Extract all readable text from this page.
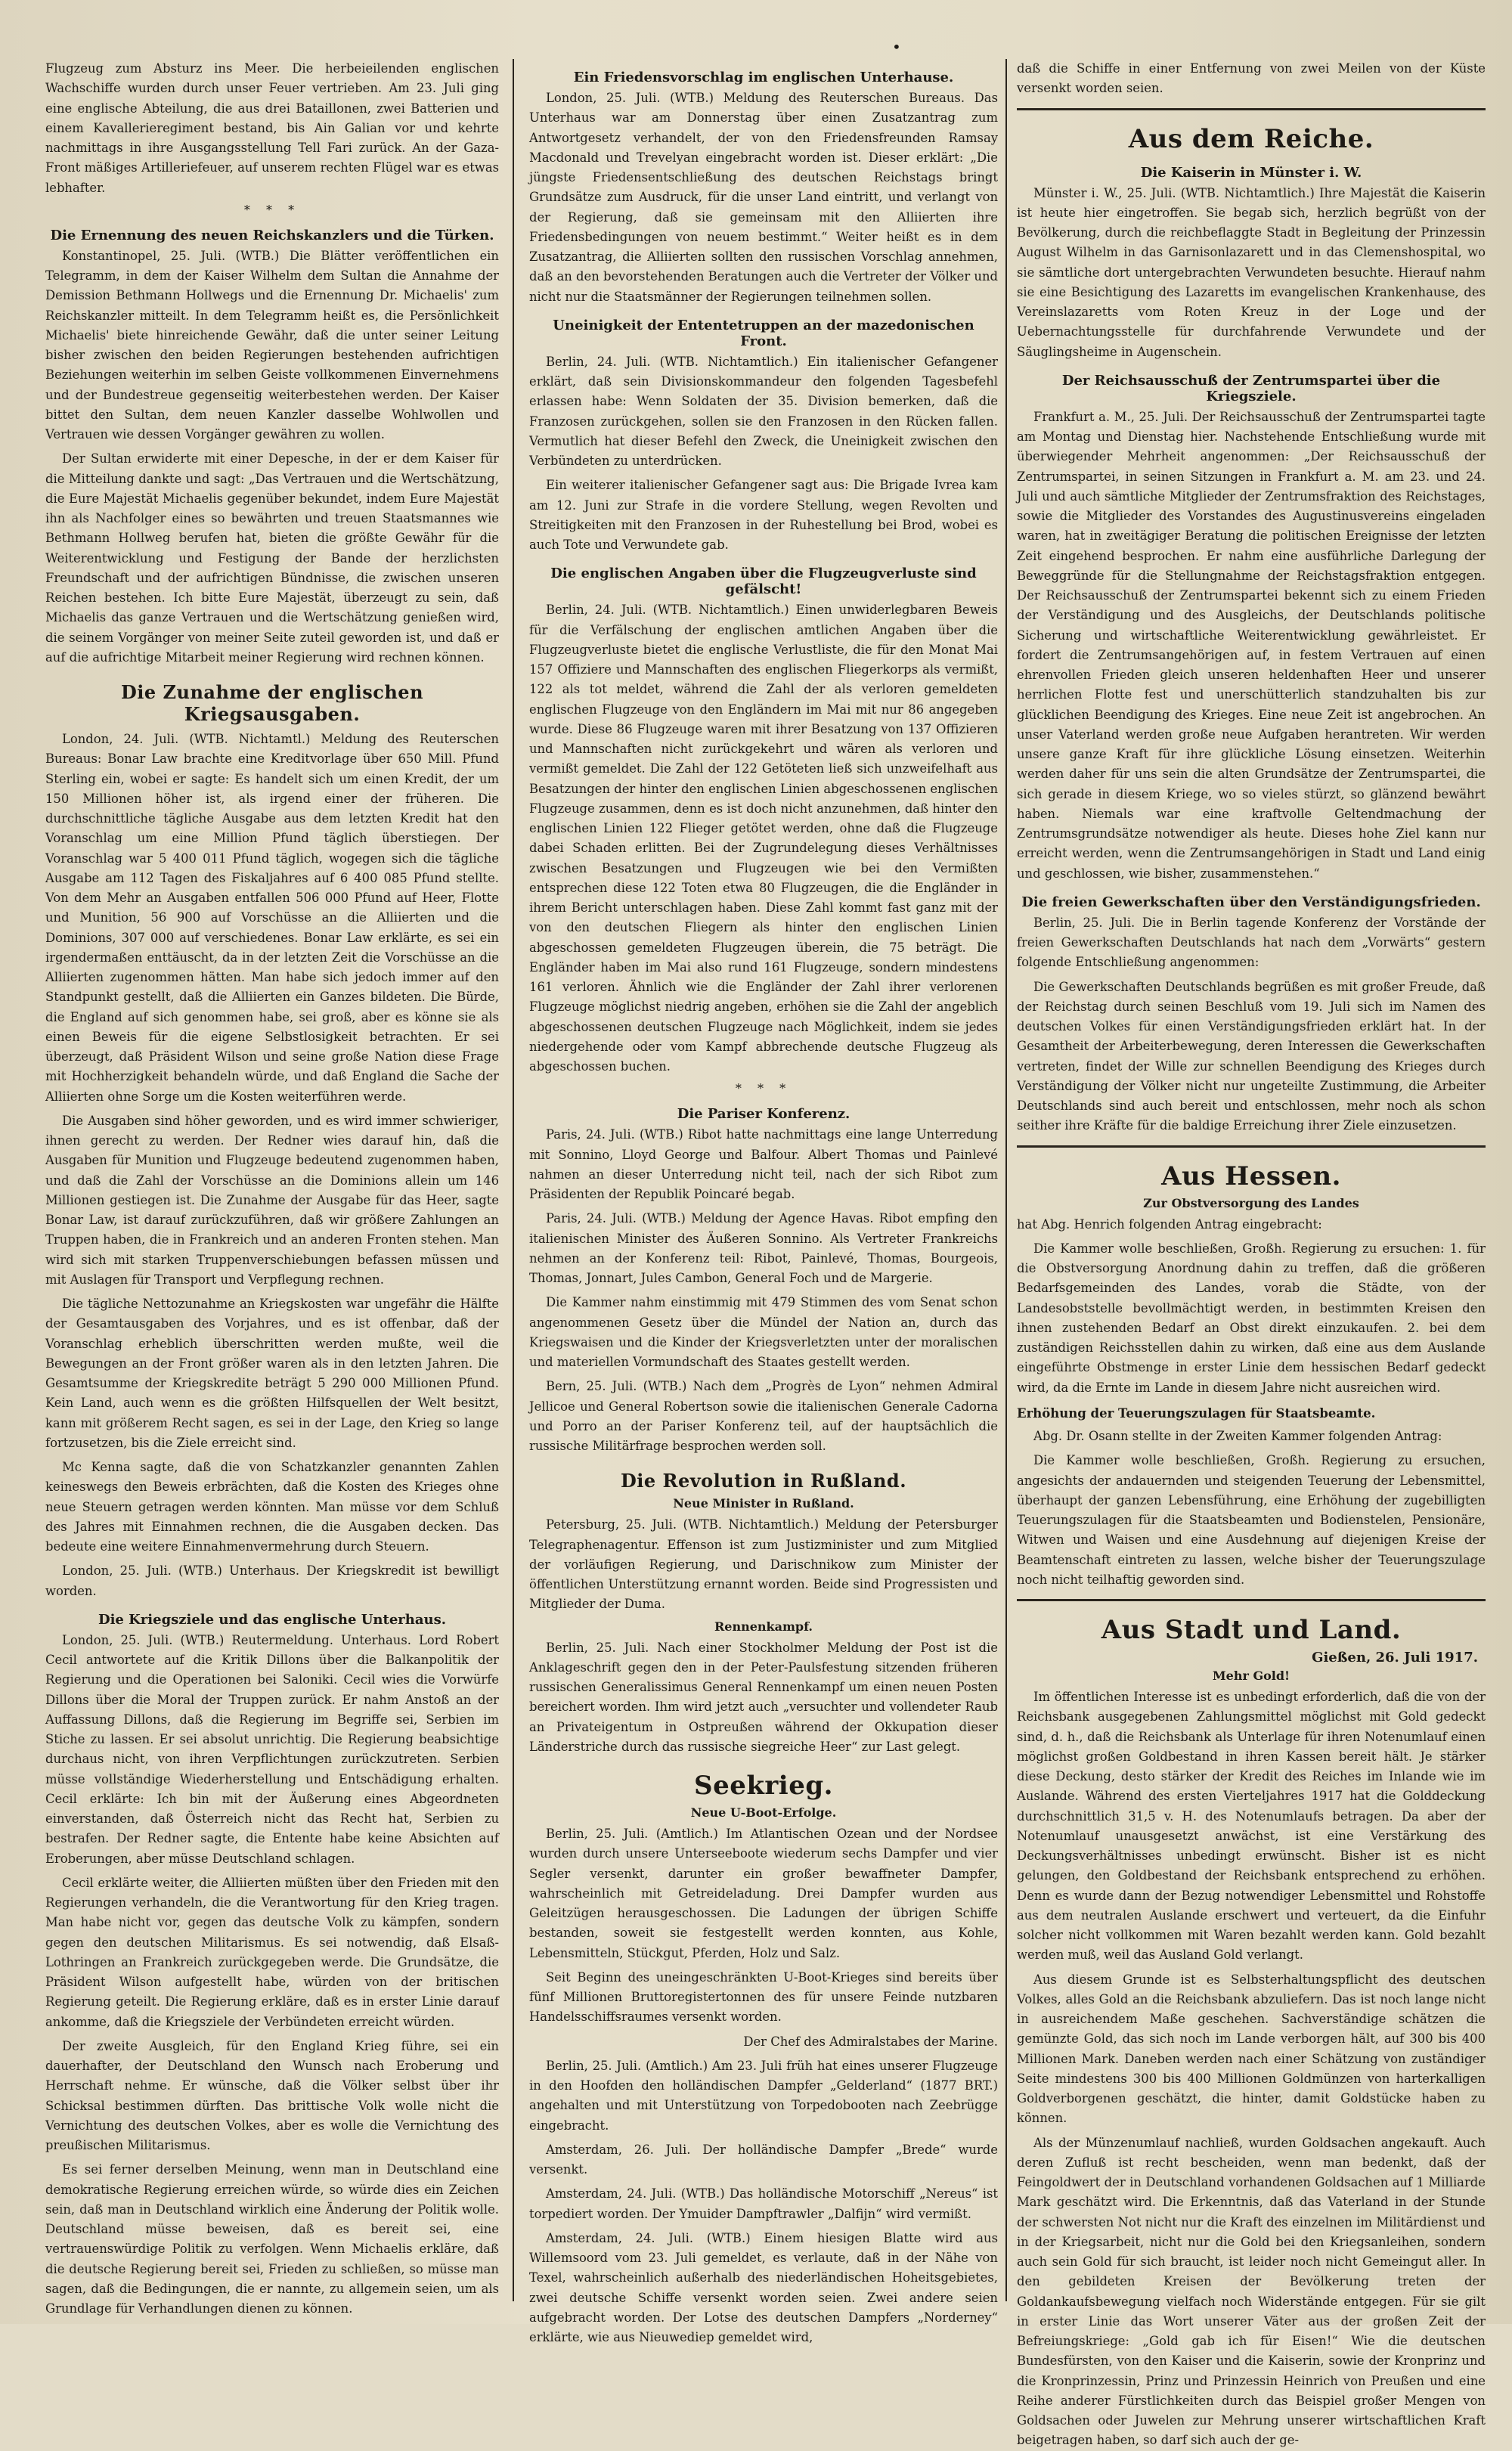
•

Flugzeug zum Absturz ins Meer. Die herbeieilenden englischen Wachschiffe wurden durch unser Feuer vertrieben. Am 23. Juli ging eine englische Abteilung, die aus drei Bataillonen, zwei Batterien und einem Kavallerieregiment bestand, bis Ain Galian vor und kehrte nachmittags in ihre Ausgangsstellung Tell Fari zurück. An der Gaza-Front mäßiges Artilleriefeuer, auf unserem rechten Flügel war es etwas lebhafter.

* * *
Die Ernennung des neuen Reichskanzlers und die Türken.

Konstantinopel, 25. Juli. (WTB.) Die Blätter veröffentlichen ein Telegramm, in dem der Kaiser Wilhelm dem Sultan die Annahme der Demission Bethmann Hollwegs und die Ernennung Dr. Michaelis' zum Reichskanzler mitteilt. In dem Telegramm heißt es, die Persönlichkeit Michaelis' biete hinreichende Gewähr, daß die unter seiner Leitung bisher zwischen den beiden Regierungen bestehenden aufrichtigen Beziehungen weiterhin im selben Geiste vollkommenen Einvernehmens und der Bundestreue gegenseitig weiterbestehen werden. Der Kaiser bittet den Sultan, dem neuen Kanzler dasselbe Wohlwollen und Vertrauen wie dessen Vorgänger gewähren zu wollen.

Der Sultan erwiderte mit einer Depesche, in der er dem Kaiser für die Mitteilung dankte und sagt: „Das Vertrauen und die Wertschätzung, die Eure Majestät Michaelis gegenüber bekundet, indem Eure Majestät ihn als Nachfolger eines so bewährten und treuen Staatsmannes wie Bethmann Hollweg berufen hat, bieten die größte Gewähr für die Weiterentwicklung und Festigung der Bande der herzlichsten Freundschaft und der aufrichtigen Bündnisse, die zwischen unseren Reichen bestehen. Ich bitte Eure Majestät, überzeugt zu sein, daß Michaelis das ganze Vertrauen und die Wertschätzung genießen wird, die seinem Vorgänger von meiner Seite zuteil geworden ist, und daß er auf die aufrichtige Mitarbeit meiner Regierung wird rechnen können.

Die Zunahme der englischen Kriegsausgaben.

London, 24. Juli. (WTB. Nichtamtl.) Meldung des Reuterschen Bureaus: Bonar Law brachte eine Kreditvorlage über 650 Mill. Pfund Sterling ein, wobei er sagte: Es handelt sich um einen Kredit, der um 150 Millionen höher ist, als irgend einer der früheren. Die durchschnittliche tägliche Ausgabe aus dem letzten Kredit hat den Voranschlag um eine Million Pfund täglich überstiegen. Der Voranschlag war 5 400 011 Pfund täglich, wogegen sich die tägliche Ausgabe am 112 Tagen des Fiskaljahres auf 6 400 085 Pfund stellte. Von dem Mehr an Ausgaben entfallen 506 000 Pfund auf Heer, Flotte und Munition, 56 900 auf Vorschüsse an die Alliierten und die Dominions, 307 000 auf verschiedenes. Bonar Law erklärte, es sei ein irgendermaßen enttäuscht, da in der letzten Zeit die Vorschüsse an die Alliierten zugenommen hätten. Man habe sich jedoch immer auf den Standpunkt gestellt, daß die Alliierten ein Ganzes bildeten. Die Bürde, die England auf sich genommen habe, sei groß, aber es könne sie als einen Beweis für die eigene Selbstlosigkeit betrachten. Er sei überzeugt, daß Präsident Wilson und seine große Nation diese Frage mit Hochherzigkeit behandeln würde, und daß England die Sache der Alliierten ohne Sorge um die Kosten weiterführen werde.

Die Ausgaben sind höher geworden, und es wird immer schwieriger, ihnen gerecht zu werden. Der Redner wies darauf hin, daß die Ausgaben für Munition und Flugzeuge bedeutend zugenommen haben, und daß die Zahl der Vorschüsse an die Dominions allein um 146 Millionen gestiegen ist. Die Zunahme der Ausgabe für das Heer, sagte Bonar Law, ist darauf zurückzuführen, daß wir größere Zahlungen an Truppen haben, die in Frankreich und an anderen Fronten stehen. Man wird sich mit starken Truppenverschiebungen befassen müssen und mit Auslagen für Transport und Verpflegung rechnen.

Die tägliche Nettozunahme an Kriegskosten war ungefähr die Hälfte der Gesamtausgaben des Vorjahres, und es ist offenbar, daß der Voranschlag erheblich überschritten werden mußte, weil die Bewegungen an der Front größer waren als in den letzten Jahren. Die Gesamtsumme der Kriegskredite beträgt 5 290 000 Millionen Pfund. Kein Land, auch wenn es die größten Hilfsquellen der Welt besitzt, kann mit größerem Recht sagen, es sei in der Lage, den Krieg so lange fortzusetzen, bis die Ziele erreicht sind.

Mc Kenna sagte, daß die von Schatzkanzler genannten Zahlen keineswegs den Beweis erbrächten, daß die Kosten des Krieges ohne neue Steuern getragen werden könnten. Man müsse vor dem Schluß des Jahres mit Einnahmen rechnen, die die Ausgaben decken. Das bedeute eine weitere Einnahmenvermehrung durch Steuern.

London, 25. Juli. (WTB.) Unterhaus. Der Kriegskredit ist bewilligt worden.

Die Kriegsziele und das englische Unterhaus.

London, 25. Juli. (WTB.) Reutermeldung. Unterhaus. Lord Robert Cecil antwortete auf die Kritik Dillons über die Balkanpolitik der Regierung und die Operationen bei Saloniki. Cecil wies die Vorwürfe Dillons über die Moral der Truppen zurück. Er nahm Anstoß an der Auffassung Dillons, daß die Regierung im Begriffe sei, Serbien im Stiche zu lassen. Er sei absolut unrichtig. Die Regierung beabsichtige durchaus nicht, von ihren Verpflichtungen zurückzutreten. Serbien müsse vollständige Wiederherstellung und Entschädigung erhalten. Cecil erklärte: Ich bin mit der Äußerung eines Abgeordneten einverstanden, daß Österreich nicht das Recht hat, Serbien zu bestrafen. Der Redner sagte, die Entente habe keine Absichten auf Eroberungen, aber müsse Deutschland schlagen.

Cecil erklärte weiter, die Alliierten müßten über den Frieden mit den Regierungen verhandeln, die die Verantwortung für den Krieg tragen. Man habe nicht vor, gegen das deutsche Volk zu kämpfen, sondern gegen den deutschen Militarismus. Es sei notwendig, daß Elsaß-Lothringen an Frankreich zurückgegeben werde. Die Grundsätze, die Präsident Wilson aufgestellt habe, würden von der britischen Regierung geteilt. Die Regierung erkläre, daß es in erster Linie darauf ankomme, daß die Kriegsziele der Verbündeten erreicht würden.

Der zweite Ausgleich, für den England Krieg führe, sei ein dauerhafter, der Deutschland den Wunsch nach Eroberung und Herrschaft nehme. Er wünsche, daß die Völker selbst über ihr Schicksal bestimmen dürften. Das brittische Volk wolle nicht die Vernichtung des deutschen Volkes, aber es wolle die Vernichtung des preußischen Militarismus.

Es sei ferner derselben Meinung, wenn man in Deutschland eine demokratische Regierung erreichen würde, so würde dies ein Zeichen sein, daß man in Deutschland wirklich eine Änderung der Politik wolle. Deutschland müsse beweisen, daß es bereit sei, eine vertrauenswürdige Politik zu verfolgen. Wenn Michaelis erkläre, daß die deutsche Regierung bereit sei, Frieden zu schließen, so müsse man sagen, daß die Bedingungen, die er nannte, zu allgemein seien, um als Grundlage für Verhandlungen dienen zu können.

Ein Friedensvorschlag im englischen Unterhause.

London, 25. Juli. (WTB.) Meldung des Reuterschen Bureaus. Das Unterhaus war am Donnerstag über einen Zusatzantrag zum Antwortgesetz verhandelt, der von den Friedensfreunden Ramsay Macdonald und Trevelyan eingebracht worden ist. Dieser erklärt: „Die jüngste Friedensentschließung des deutschen Reichstags bringt Grundsätze zum Ausdruck, für die unser Land eintritt, und verlangt von der Regierung, daß sie gemeinsam mit den Alliierten ihre Friedensbedingungen von neuem bestimmt.“ Weiter heißt es in dem Zusatzantrag, die Alliierten sollten den russischen Vorschlag annehmen, daß an den bevorstehenden Beratungen auch die Vertreter der Völker und nicht nur die Staatsmänner der Regierungen teilnehmen sollen.

Uneinigkeit der Ententetruppen an der mazedonischen Front.

Berlin, 24. Juli. (WTB. Nichtamtlich.) Ein italienischer Gefangener erklärt, daß sein Divisionskommandeur den folgenden Tagesbefehl erlassen habe: Wenn Soldaten der 35. Division bemerken, daß die Franzosen zurückgehen, sollen sie den Franzosen in den Rücken fallen. Vermutlich hat dieser Befehl den Zweck, die Uneinigkeit zwischen den Verbündeten zu unterdrücken.

Ein weiterer italienischer Gefangener sagt aus: Die Brigade Ivrea kam am 12. Juni zur Strafe in die vordere Stellung, wegen Revolten und Streitigkeiten mit den Franzosen in der Ruhestellung bei Brod, wobei es auch Tote und Verwundete gab.

Die englischen Angaben über die Flugzeugverluste sind gefälscht!

Berlin, 24. Juli. (WTB. Nichtamtlich.) Einen unwiderlegbaren Beweis für die Verfälschung der englischen amtlichen Angaben über die Flugzeugverluste bietet die englische Verlustliste, die für den Monat Mai 157 Offiziere und Mannschaften des englischen Fliegerkorps als vermißt, 122 als tot meldet, während die Zahl der als verloren gemeldeten englischen Flugzeuge von den Engländern im Mai mit nur 86 angegeben wurde. Diese 86 Flugzeuge waren mit ihrer Besatzung von 137 Offizieren und Mannschaften nicht zurückgekehrt und wären als verloren und vermißt gemeldet. Die Zahl der 122 Getöteten ließ sich unzweifelhaft aus Besatzungen der hinter den englischen Linien abgeschossenen englischen Flugzeuge zusammen, denn es ist doch nicht anzunehmen, daß hinter den englischen Linien 122 Flieger getötet werden, ohne daß die Flugzeuge dabei Schaden erlitten. Bei der Zugrundelegung dieses Verhältnisses zwischen Besatzungen und Flugzeugen wie bei den Vermißten entsprechen diese 122 Toten etwa 80 Flugzeugen, die die Engländer in ihrem Bericht unterschlagen haben. Diese Zahl kommt fast ganz mit der von den deutschen Fliegern als hinter den englischen Linien abgeschossen gemeldeten Flugzeugen überein, die 75 beträgt. Die Engländer haben im Mai also rund 161 Flugzeuge, sondern mindestens 161 verloren. Ähnlich wie die Engländer der Zahl ihrer verlorenen Flugzeuge möglichst niedrig angeben, erhöhen sie die Zahl der angeblich abgeschossenen deutschen Flugzeuge nach Möglichkeit, indem sie jedes niedergehende oder vom Kampf abbrechende deutsche Flugzeug als abgeschossen buchen.

* * *
Die Pariser Konferenz.

Paris, 24. Juli. (WTB.) Ribot hatte nachmittags eine lange Unterredung mit Sonnino, Lloyd George und Balfour. Albert Thomas und Painlevé nahmen an dieser Unterredung nicht teil, nach der sich Ribot zum Präsidenten der Republik Poincaré begab.

Paris, 24. Juli. (WTB.) Meldung der Agence Havas. Ribot empfing den italienischen Minister des Äußeren Sonnino. Als Vertreter Frankreichs nehmen an der Konferenz teil: Ribot, Painlevé, Thomas, Bourgeois, Thomas, Jonnart, Jules Cambon, General Foch und de Margerie.

Die Kammer nahm einstimmig mit 479 Stimmen des vom Senat schon angenommenen Gesetz über die Mündel der Nation an, durch das Kriegswaisen und die Kinder der Kriegsverletzten unter der moralischen und materiellen Vormundschaft des Staates gestellt werden.

Bern, 25. Juli. (WTB.) Nach dem „Progrès de Lyon“ nehmen Admiral Jellicoe und General Robertson sowie die italienischen Generale Cadorna und Porro an der Pariser Konferenz teil, auf der hauptsächlich die russische Militärfrage besprochen werden soll.

Die Revolution in Rußland.
Neue Minister in Rußland.

Petersburg, 25. Juli. (WTB. Nichtamtlich.) Meldung der Petersburger Telegraphenagentur. Effenson ist zum Justizminister und zum Mitglied der vorläufigen Regierung, und Darischnikow zum Minister der öffentlichen Unterstützung ernannt worden. Beide sind Progressisten und Mitglieder der Duma.

Rennenkampf.

Berlin, 25. Juli. Nach einer Stockholmer Meldung der Post ist die Anklageschrift gegen den in der Peter-Paulsfestung sitzenden früheren russischen Generalissimus General Rennenkampf um einen neuen Posten bereichert worden. Ihm wird jetzt auch „versuchter und vollendeter Raub an Privateigentum in Ostpreußen während der Okkupation dieser Länderstriche durch das russische siegreiche Heer“ zur Last gelegt.

Seekrieg.
Neue U-Boot-Erfolge.

Berlin, 25. Juli. (Amtlich.) Im Atlantischen Ozean und der Nordsee wurden durch unsere Unterseeboote wiederum sechs Dampfer und vier Segler versenkt, darunter ein großer bewaffneter Dampfer, wahrscheinlich mit Getreideladung. Drei Dampfer wurden aus Geleitzügen herausgeschossen. Die Ladungen der übrigen Schiffe bestanden, soweit sie festgestellt werden konnten, aus Kohle, Lebensmitteln, Stückgut, Pferden, Holz und Salz.

Seit Beginn des uneingeschränkten U-Boot-Krieges sind bereits über fünf Millionen Bruttoregistertonnen des für unsere Feinde nutzbaren Handelsschiffsraumes versenkt worden.

Der Chef des Admiralstabes der Marine.

Berlin, 25. Juli. (Amtlich.) Am 23. Juli früh hat eines unserer Flugzeuge in den Hoofden den holländischen Dampfer „Gelderland“ (1877 BRT.) angehalten und mit Unterstützung von Torpedobooten nach Zeebrügge eingebracht.

Amsterdam, 26. Juli. Der holländische Dampfer „Brede“ wurde versenkt.

Amsterdam, 24. Juli. (WTB.) Das holländische Motorschiff „Nereus“ ist torpediert worden. Der Ymuider Dampftrawler „Dalfijn“ wird vermißt.

Amsterdam, 24. Juli. (WTB.) Einem hiesigen Blatte wird aus Willemsoord vom 23. Juli gemeldet, es verlaute, daß in der Nähe von Texel, wahrscheinlich außerhalb des niederländischen Hoheitsgebietes, zwei deutsche Schiffe versenkt worden seien. Zwei andere seien aufgebracht worden. Der Lotse des deutschen Dampfers „Norderney“ erklärte, wie aus Nieuwediep gemeldet wird,

daß die Schiffe in einer Entfernung von zwei Meilen von der Küste versenkt worden seien.

Aus dem Reiche.
Die Kaiserin in Münster i. W.

Münster i. W., 25. Juli. (WTB. Nichtamtlich.) Ihre Majestät die Kaiserin ist heute hier eingetroffen. Sie begab sich, herzlich begrüßt von der Bevölkerung, durch die reichbeflaggte Stadt in Begleitung der Prinzessin August Wilhelm in das Garnisonlazarett und in das Clemenshospital, wo sie sämtliche dort untergebrachten Verwundeten besuchte. Hierauf nahm sie eine Besichtigung des Lazaretts im evangelischen Krankenhause, des Vereinslazaretts vom Roten Kreuz in der Loge und der Uebernachtungsstelle für durchfahrende Verwundete und der Säuglingsheime in Augenschein.

Der Reichsausschuß der Zentrumspartei über die Kriegsziele.

Frankfurt a. M., 25. Juli. Der Reichsausschuß der Zentrumspartei tagte am Montag und Dienstag hier. Nachstehende Entschließung wurde mit überwiegender Mehrheit angenommen: „Der Reichsausschuß der Zentrumspartei, in seinen Sitzungen in Frankfurt a. M. am 23. und 24. Juli und auch sämtliche Mitglieder der Zentrumsfraktion des Reichstages, sowie die Mitglieder des Vorstandes des Augustinusvereins eingeladen waren, hat in zweitägiger Beratung die politischen Ereignisse der letzten Zeit eingehend besprochen. Er nahm eine ausführliche Darlegung der Beweggründe für die Stellungnahme der Reichstagsfraktion entgegen. Der Reichsausschuß der Zentrumspartei bekennt sich zu einem Frieden der Verständigung und des Ausgleichs, der Deutschlands politische Sicherung und wirtschaftliche Weiterentwicklung gewährleistet. Er fordert die Zentrumsangehörigen auf, in festem Vertrauen auf einen ehrenvollen Frieden gleich unseren heldenhaften Heer und unserer herrlichen Flotte fest und unerschütterlich standzuhalten bis zur glücklichen Beendigung des Krieges. Eine neue Zeit ist angebrochen. An unser Vaterland werden große neue Aufgaben herantreten. Wir werden unsere ganze Kraft für ihre glückliche Lösung einsetzen. Weiterhin werden daher für uns sein die alten Grundsätze der Zentrumspartei, die sich gerade in diesem Kriege, wo so vieles stürzt, so glänzend bewährt haben. Niemals war eine kraftvolle Geltendmachung der Zentrumsgrundsätze notwendiger als heute. Dieses hohe Ziel kann nur erreicht werden, wenn die Zentrumsangehörigen in Stadt und Land einig und geschlossen, wie bisher, zusammenstehen.“

Die freien Gewerkschaften über den Verständigungsfrieden.

Berlin, 25. Juli. Die in Berlin tagende Konferenz der Vorstände der freien Gewerkschaften Deutschlands hat nach dem „Vorwärts“ gestern folgende Entschließung angenommen:

Die Gewerkschaften Deutschlands begrüßen es mit großer Freude, daß der Reichstag durch seinen Beschluß vom 19. Juli sich im Namen des deutschen Volkes für einen Verständigungsfrieden erklärt hat. In der Gesamtheit der Arbeiterbewegung, deren Interessen die Gewerkschaften vertreten, findet der Wille zur schnellen Beendigung des Krieges durch Verständigung der Völker nicht nur ungeteilte Zustimmung, die Arbeiter Deutschlands sind auch bereit und entschlossen, mehr noch als schon seither ihre Kräfte für die baldige Erreichung ihrer Ziele einzusetzen.

Aus Hessen.
Zur Obstversorgung des Landes

hat Abg. Henrich folgenden Antrag eingebracht:

Die Kammer wolle beschließen, Großh. Regierung zu ersuchen: 1. für die Obstversorgung Anordnung dahin zu treffen, daß die größeren Bedarfsgemeinden des Landes, vorab die Städte, von der Landesobststelle bevollmächtigt werden, in bestimmten Kreisen den ihnen zustehenden Bedarf an Obst direkt einzukaufen. 2. bei dem zuständigen Reichsstellen dahin zu wirken, daß eine aus dem Auslande eingeführte Obstmenge in erster Linie dem hessischen Bedarf gedeckt wird, da die Ernte im Lande in diesem Jahre nicht ausreichen wird.

Erhöhung der Teuerungszulagen für Staatsbeamte.

Abg. Dr. Osann stellte in der Zweiten Kammer folgenden Antrag:

Die Kammer wolle beschließen, Großh. Regierung zu ersuchen, angesichts der andauernden und steigenden Teuerung der Lebensmittel, überhaupt der ganzen Lebensführung, eine Erhöhung der zugebilligten Teuerungszulagen für die Staatsbeamten und Bodienstelen, Pensionäre, Witwen und Waisen und eine Ausdehnung auf diejenigen Kreise der Beamtenschaft eintreten zu lassen, welche bisher der Teuerungszulage noch nicht teilhaftig geworden sind.

Aus Stadt und Land.
Gießen, 26. Juli 1917.
Mehr Gold!

Im öffentlichen Interesse ist es unbedingt erforderlich, daß die von der Reichsbank ausgegebenen Zahlungsmittel möglichst mit Gold gedeckt sind, d. h., daß die Reichsbank als Unterlage für ihren Notenumlauf einen möglichst großen Goldbestand in ihren Kassen bereit hält. Je stärker diese Deckung, desto stärker der Kredit des Reiches im Inlande wie im Auslande. Während des ersten Vierteljahres 1917 hat die Golddeckung durchschnittlich 31,5 v. H. des Notenumlaufs betragen. Da aber der Notenumlauf unausgesetzt anwächst, ist eine Verstärkung des Deckungsverhältnisses unbedingt erwünscht. Bisher ist es nicht gelungen, den Goldbestand der Reichsbank entsprechend zu erhöhen. Denn es wurde dann der Bezug notwendiger Lebensmittel und Rohstoffe aus dem neutralen Auslande erschwert und verteuert, da die Einfuhr solcher nicht vollkommen mit Waren bezahlt werden kann. Gold bezahlt werden muß, weil das Ausland Gold verlangt.

Aus diesem Grunde ist es Selbsterhaltungspflicht des deutschen Volkes, alles Gold an die Reichsbank abzuliefern. Das ist noch lange nicht in ausreichendem Maße geschehen. Sachverständige schätzen die gemünzte Gold, das sich noch im Lande verborgen hält, auf 300 bis 400 Millionen Mark. Daneben werden nach einer Schätzung von zuständiger Seite mindestens 300 bis 400 Millionen Goldmünzen von harterkalligen Goldverborgenen geschätzt, die hinter, damit Goldstücke haben zu können.

Als der Münzenumlauf nachließ, wurden Goldsachen angekauft. Auch deren Zufluß ist recht bescheiden, wenn man bedenkt, daß der Feingoldwert der in Deutschland vorhandenen Goldsachen auf 1 Milliarde Mark geschätzt wird. Die Erkenntnis, daß das Vaterland in der Stunde der schwersten Not nicht nur die Kraft des einzelnen im Militärdienst und in der Kriegsarbeit, nicht nur die Gold bei den Kriegsanleihen, sondern auch sein Gold für sich braucht, ist leider noch nicht Gemeingut aller. In den gebildeten Kreisen der Bevölkerung treten der Goldankaufsbewegung vielfach noch Widerstände entgegen. Für sie gilt in erster Linie das Wort unserer Väter aus der großen Zeit der Befreiungskriege: „Gold gab ich für Eisen!“ Wie die deutschen Bundesfürsten, von den Kaiser und die Kaiserin, sowie der Kronprinz und die Kronprinzessin, Prinz und Prinzessin Heinrich von Preußen und eine Reihe anderer Fürstlichkeiten durch das Beispiel großer Mengen von Goldsachen oder Juwelen zur Mehrung unserer wirtschaftlichen Kraft beigetragen haben, so darf sich auch der ge-
